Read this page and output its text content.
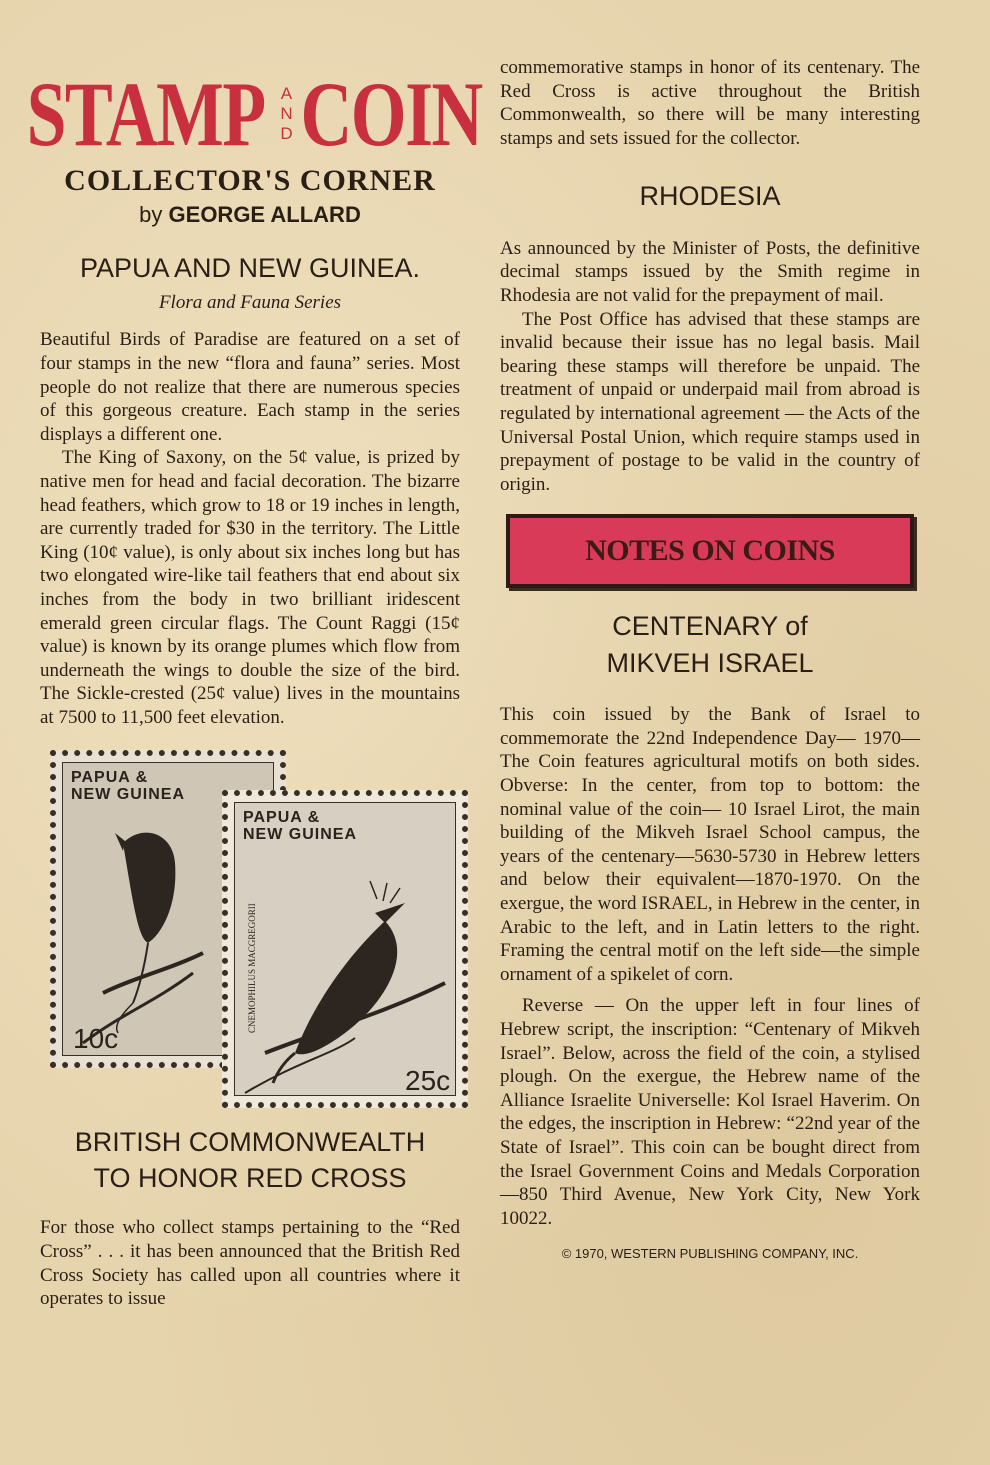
STAMP A
N
D COIN
COLLECTOR'S CORNER
by GEORGE ALLARD
PAPUA AND NEW GUINEA.
Flora and Fauna Series

Beautiful Birds of Paradise are featured on a set of four stamps in the new “flora and fauna” series. Most people do not realize that there are numerous species of this gorgeous creature. Each stamp in the series displays a different one.

The King of Saxony, on the 5¢ value, is prized by native men for head and facial decoration. The bizarre head feathers, which grow to 18 or 19 inches in length, are currently traded for $30 in the territory. The Little King (10¢ value), is only about six inches long but has two elongated wire-like tail feathers that end about six inches from the body in two brilliant iridescent emerald green circular flags. The Count Raggi (15¢ value) is known by its orange plumes which flow from underneath the wings to double the size of the bird. The Sickle-crested (25¢ value) lives in the mountains at 7500 to 11,500 feet elevation.

PAPUA &
NEW GUINEA
10c
PAPUA &
NEW GUINEA
CNEMOPHILUS MACGREGORII
25c
BRITISH COMMONWEALTH
TO HONOR RED CROSS

For those who collect stamps pertaining to the “Red Cross” . . . it has been announced that the British Red Cross Society has called upon all countries where it operates to issue

commemorative stamps in honor of its centenary. The Red Cross is active throughout the British Commonwealth, so there will be many interesting stamps and sets issued for the collector.

RHODESIA

As announced by the Minister of Posts, the definitive decimal stamps issued by the Smith regime in Rhodesia are not valid for the prepayment of mail.

The Post Office has advised that these stamps are invalid because their issue has no legal basis. Mail bearing these stamps will therefore be unpaid. The treatment of unpaid or underpaid mail from abroad is regulated by international agreement — the Acts of the Universal Postal Union, which require stamps used in prepayment of postage to be valid in the country of origin.

NOTES ON COINS
CENTENARY of
MIKVEH ISRAEL

This coin issued by the Bank of Israel to commemorate the 22nd Independence Day— 1970—The Coin features agricultural motifs on both sides. Obverse: In the center, from top to bottom: the nominal value of the coin— 10 Israel Lirot, the main building of the Mikveh Israel School campus, the years of the centenary—5630-5730 in Hebrew letters and below their equivalent—1870-1970. On the exergue, the word ISRAEL, in Hebrew in the center, in Arabic to the left, and in Latin letters to the right. Framing the central motif on the left side—the simple ornament of a spikelet of corn.

Reverse — On the upper left in four lines of Hebrew script, the inscription: “Centenary of Mikveh Israel”. Below, across the field of the coin, a stylised plough. On the exergue, the Hebrew name of the Alliance Israelite Universelle: Kol Israel Haverim. On the edges, the inscription in Hebrew: “22nd year of the State of Israel”. This coin can be bought direct from the Israel Government Coins and Medals Corporation—850 Third Avenue, New York City, New York 10022.

© 1970, WESTERN PUBLISHING COMPANY, INC.
